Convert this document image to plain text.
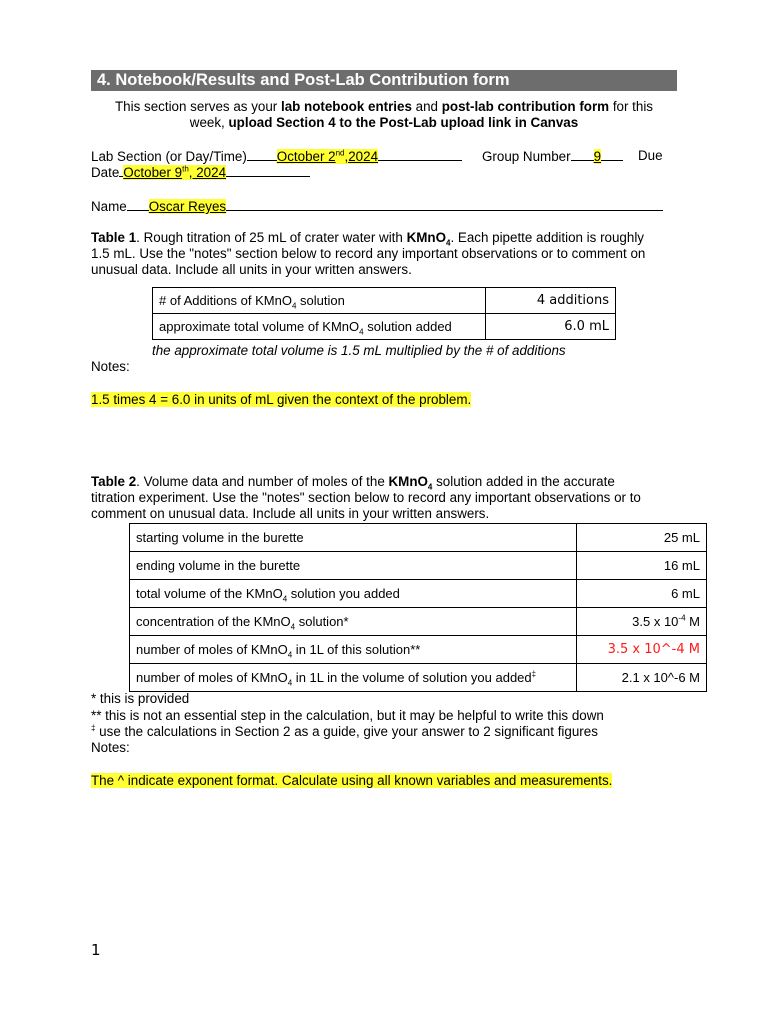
4. Notebook/Results and Post-Lab Contribution form
This section serves as your lab notebook entries and post-lab contribution form for this
week, upload Section 4 to the Post-Lab upload link in Canvas
Lab Section (or Day/Time) October 2nd,2024	Group Number 9	Due
Date October 9th, 2024
Name Oscar Reyes
Table 1. Rough titration of 25 mL of crater water with KMnO$_4$. Each pipette addition is roughly
1.5 mL. Use the "notes" section below to record any important observations or to comment on
unusual data. Include all units in your written answers.
# of Additions of KMnO$_4$ solution	4 additions
approximate total volume of KMnO$_4$ solution added	6.0 mL
the approximate total volume is 1.5 mL multiplied by the # of additions
Notes:
1.5 times 4 = 6.0 in units of mL given the context of the problem.
Table 2. Volume data and number of moles of the KMnO$_4$ solution added in the accurate
titration experiment. Use the "notes" section below to record any important observations or to
comment on unusual data. Include all units in your written answers.
starting volume in the burette	25 mL
ending volume in the burette	16 mL
total volume of the KMnO$_4$ solution you added	6 mL
concentration of the KMnO$_4$ solution*	3.5 x $10^{-4}$ M
number of moles of KMnO$_4$ in 1L of this solution**	3.5 x 10^-4 M
number of moles of KMnO$_4$ in 1L in the volume of solution you added‡	2.1 x 10^-6 M
* this is provided
** this is not an essential step in the calculation, but it may be helpful to write this down
‡ use the calculations in Section 2 as a guide, give your answer to 2 significant figures
Notes:
The ^ indicate exponent format. Calculate using all known variables and measurements.
1
